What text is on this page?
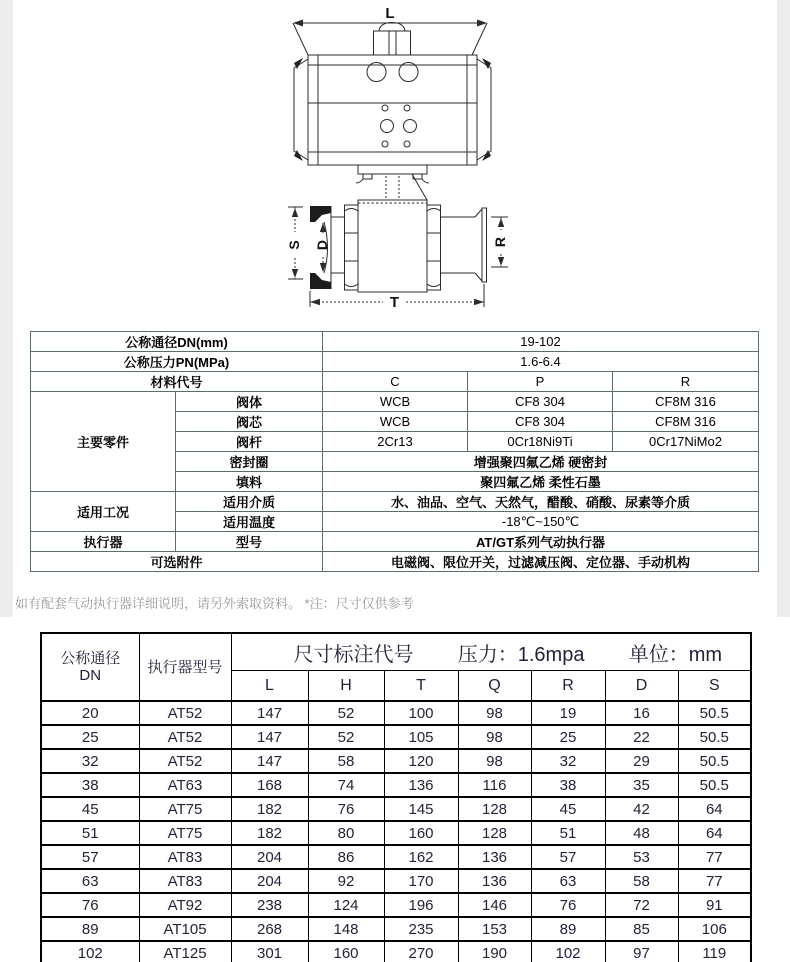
L
S D	R
T
公称通径DN(mm)		19-102		
公称压力PN(MPa)		1.6-6.4		
材料代号		C	P	R
主要零件	阀体	WCB	CF8 304	CF8M 316
	阀芯	WCB	CF8 304	CF8M 316
	阀杆	2Cr13	0Cr18Ni9Ti	0Cr17NiMo2
	密封圈	增强聚四氟乙烯 硬密封		
	填料	聚四氟乙烯 柔性石墨		
适用工况	适用介质	水、油品、空气、天然气，醋酸、硝酸、尿素等介质		
	适用温度	-18℃~150℃		
执行器	型号	AT/GT系列气动执行器		
可选附件		电磁阀、限位开关，过滤减压阀、定位器、手动机构		
如有配套气动执行器详细说明，请另外索取资料。 *注：尺寸仅供参考
公称通径
DN	执行器型号	尺寸标注代号 压力：1.6mpa 单位：mm						

		L	H	T	Q	R	D	S
20	AT52	147	52	100	98	19	16	50.5
25	AT52	147	52	105	98	25	22	50.5
32	AT52	147	58	120	98	32	29	50.5
38	AT63	168	74	136	116	38	35	50.5
45	AT75	182	76	145	128	45	42	64
51	AT75	182	80	160	128	51	48	64
57	AT83	204	86	162	136	57	53	77
63	AT83	204	92	170	136	63	58	77
76	AT92	238	124	196	146	76	72	91
89	AT105	268	148	235	153	89	85	106
102	AT125	301	160	270	190	102	97	119
